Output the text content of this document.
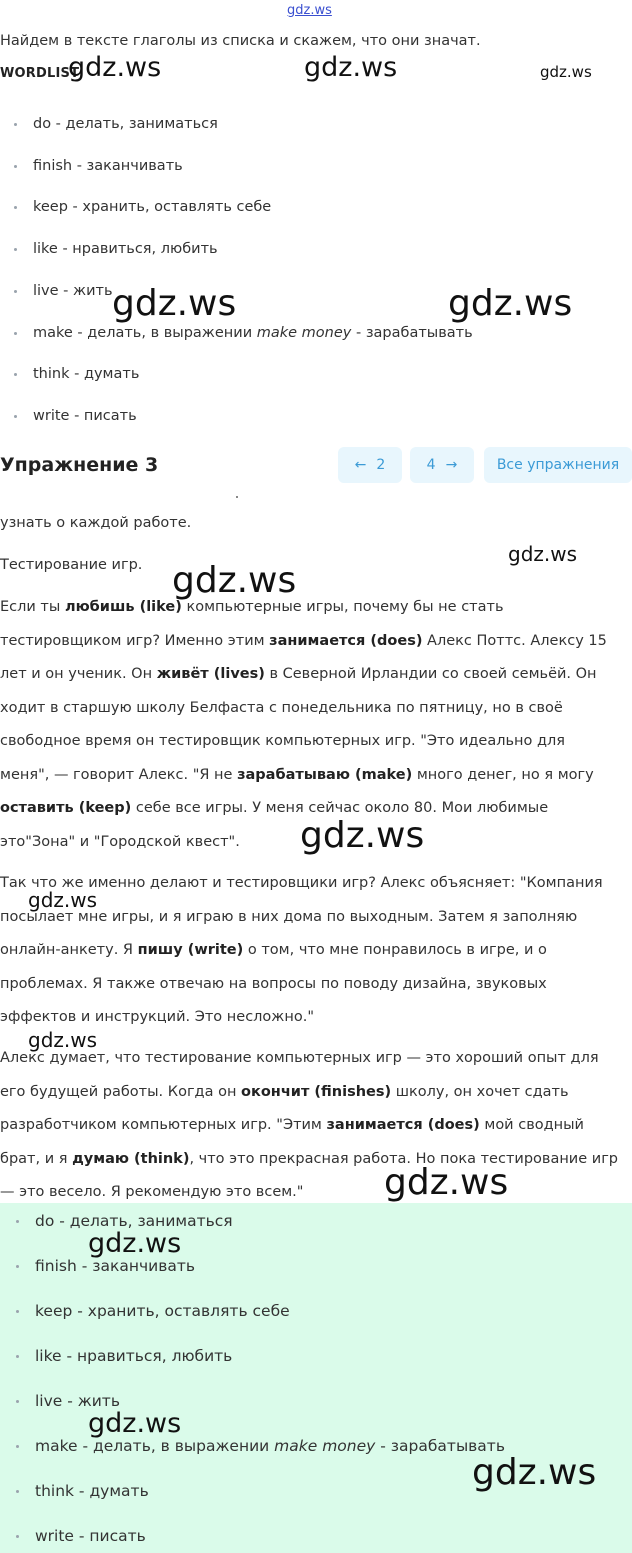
gdz.ws
Найдем в тексте глаголы из списка и скажем, что они значат.
WORDLIST
do - делать, заниматься
finish - заканчивать
keep - хранить, оставлять себе
like - нравиться, любить
live - жить
make - делать, в выражении make money - зарабатывать
think - думать
write - писать
Упражнение 3	← 2	4 →	Все упражнения
узнать о каждой работе.
Тестирование игр.
Если ты любишь (like) компьютерные игры, почему бы не стать
тестировщиком игр? Именно этим занимается (does) Алекс Поттс. Алексу 15
лет и он ученик. Он живёт (lives) в Северной Ирландии со своей семьёй. Он
ходит в старшую школу Белфаста с понедельника по пятницу, но в своё
свободное время он тестировщик компьютерных игр. "Это идеально для
меня", — говорит Алекс. "Я не зарабатываю (make) много денег, но я могу
оставить (keep) себе все игры. У меня сейчас около 80. Мои любимые
это"Зона" и "Городской квест".
Так что же именно делают и тестировщики игр? Алекс объясняет: "Компания
посылает мне игры, и я играю в них дома по выходным. Затем я заполняю
онлайн-анкету. Я пишу (write) о том, что мне понравилось в игре, и о
проблемах. Я также отвечаю на вопросы по поводу дизайна, звуковых
эффектов и инструкций. Это несложно."
Алекс думает, что тестирование компьютерных игр — это хороший опыт для
его будущей работы. Когда он окончит (finishes) школу, он хочет сдать
разработчиком компьютерных игр. "Этим занимается (does) мой сводный
брат, и я думаю (think), что это прекрасная работа. Но пока тестирование игр
— это весело. Я рекомендую это всем."
do - делать, заниматься
finish - заканчивать
keep - хранить, оставлять себе
like - нравиться, любить
live - жить
make - делать, в выражении make money - зарабатывать
think - думать
write - писать
gdz.ws
gdz.ws	gdz.ws
gdz.ws	gdz.ws
gdz.ws
gdz.ws
gdz.ws
gdz.ws
gdz.ws
gdz.ws
gdz.ws
gdz.ws
gdz.ws
